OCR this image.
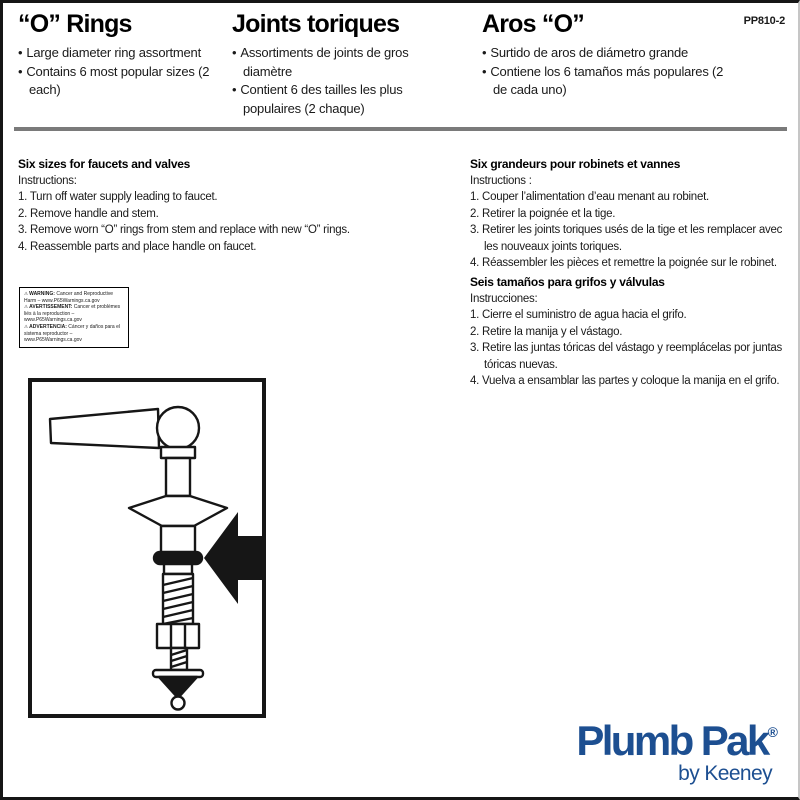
“O” Rings
• Large diameter ring assortment
• Contains 6 most popular sizes (2 each)
Joints toriques
• Assortiments de joints de gros diamètre
• Contient 6 des tailles les plus populaires (2 chaque)
Aros “O”
• Surtido de aros de diámetro grande
• Contiene los 6 tamaños más populares (2 de cada uno)
PP810-2
Six sizes for faucets and valves
Instructions:
1. Turn off water supply leading to faucet.
2. Remove handle and stem.
3. Remove worn “O” rings from stem and replace with new “O” rings.
4. Reassemble parts and place handle on faucet.
Six grandeurs pour robinets et vannes
Instructions :
1. Couper l’alimentation d’eau menant au robinet.
2. Retirer la poignée et la tige.
3. Retirer les joints toriques usés de la tige et les remplacer avec les nouveaux joints toriques.
4. Réassembler les pièces et remettre la poignée sur le robinet.
Seis tamaños para grifos y válvulas
Instrucciones:
1. Cierre el suministro de agua hacia el grifo.
2. Retire la manija y el vástago.
3. Retire las juntas tóricas del vástago y reemplácelas por juntas tóricas nuevas.
4. Vuelva a ensamblar las partes y coloque la manija en el grifo.

⚠WARNING: Cancer and Reproductive Harm – www.P65Warnings.ca.gov

⚠AVERTISSEMENT: Cancer et problèmes liés à la reproduction – www.P65Warnings.ca.gov

⚠ADVERTENCIA: Cáncer y daños para el sistema reproductor – www.P65Warnings.ca.gov

Plumb Pak®
by Keeney
